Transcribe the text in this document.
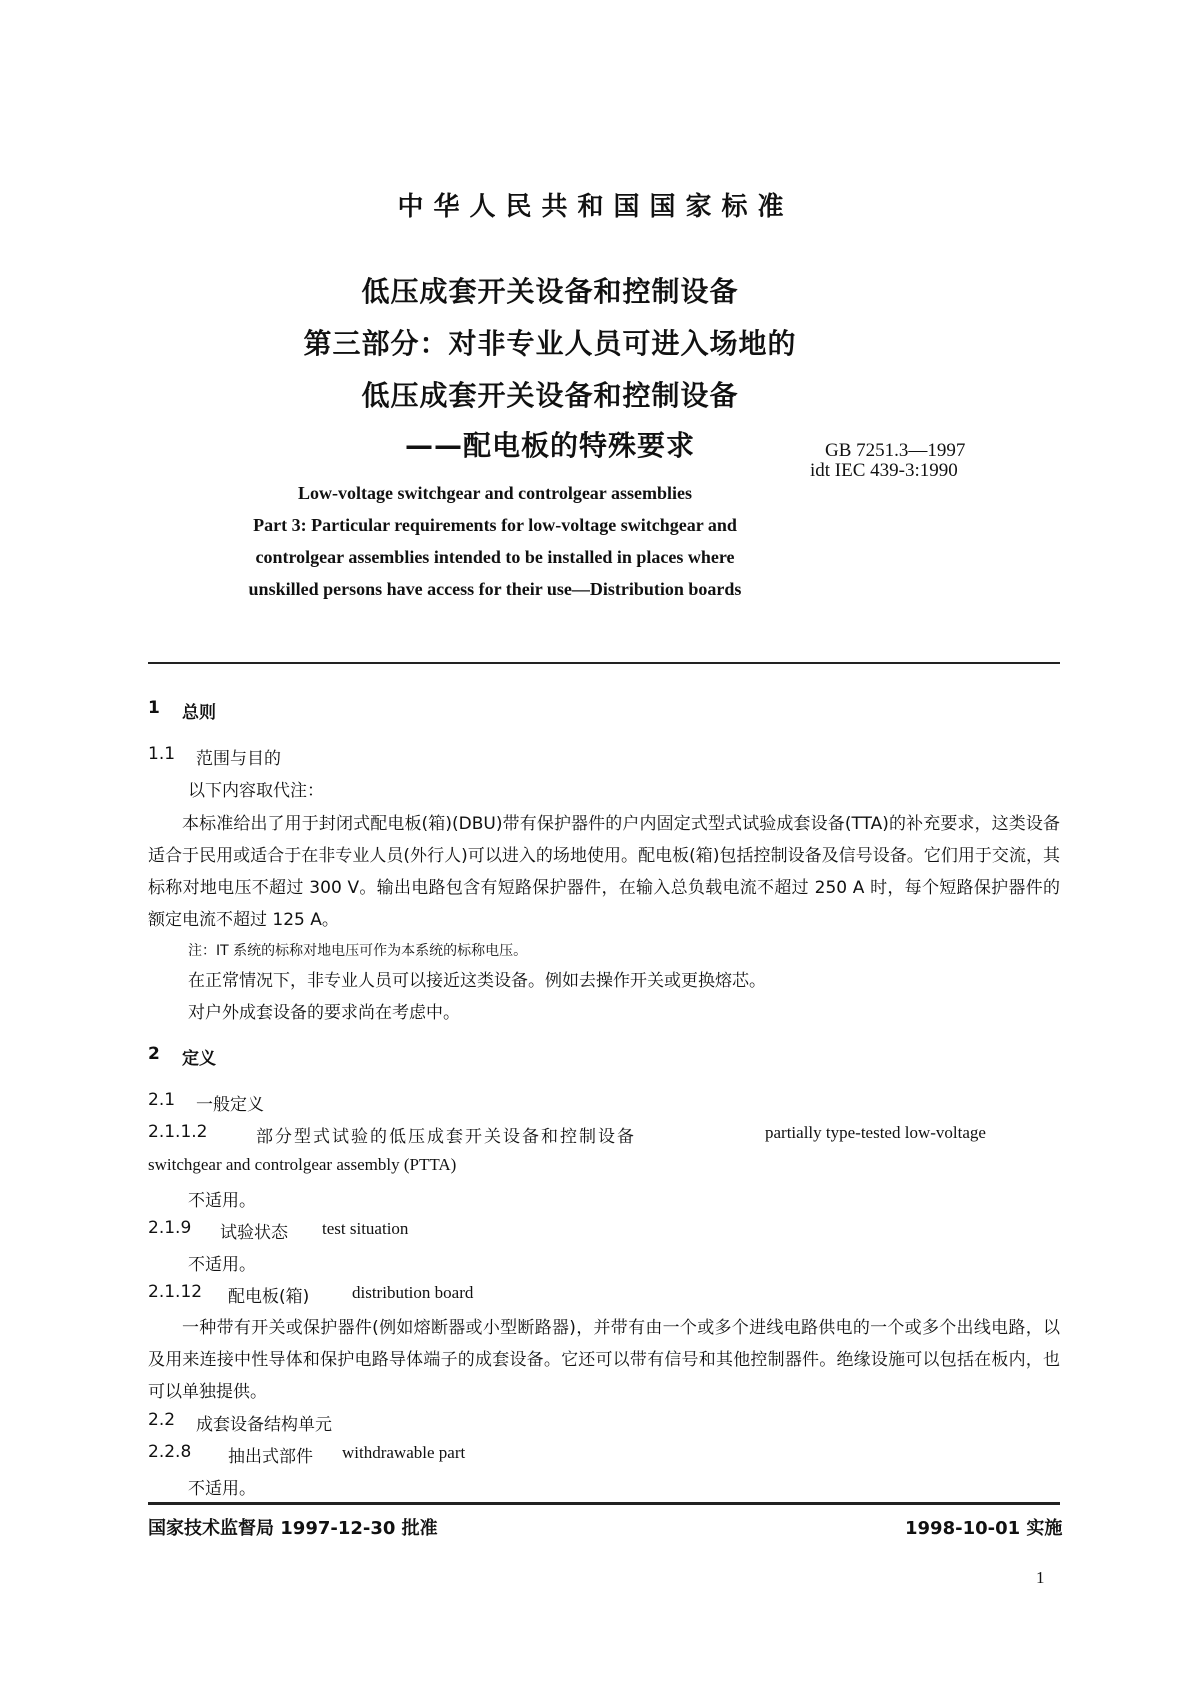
中华人民共和国国家标准
低压成套开关设备和控制设备
第三部分：对非专业人员可进入场地的
低压成套开关设备和控制设备
——配电板的特殊要求	GB 7251.3—1997
idt IEC 439-3:1990
Low-voltage switchgear and controlgear assemblies
Part 3: Particular requirements for low-voltage switchgear and
controlgear assemblies intended to be installed in places where
unskilled persons have access for their use—Distribution boards
1 总则
1.1 范围与目的
以下内容取代注：
本标准给出了用于封闭式配电板(箱)(DBU)带有保护器件的户内固定式型式试验成套设备(TTA)的补充要求，这类设备适合于民用或适合于在非专业人员(外行人)可以进入的场地使用。配电板(箱)包括控制设备及信号设备。它们用于交流，其标称对地电压不超过 300 V。输出电路包含有短路保护器件，在输入总负载电流不超过 250 A 时，每个短路保护器件的额定电流不超过 125 A。
注：IT 系统的标称对地电压可作为本系统的标称电压。
在正常情况下，非专业人员可以接近这类设备。例如去操作开关或更换熔芯。
对户外成套设备的要求尚在考虑中。
2 定义
2.1 一般定义
2.1.1.2	部分型式试验的低压成套开关设备和控制设备	partially type-tested low-voltage
switchgear and controlgear assembly (PTTA)
不适用。
2.1.9 试验状态 test situation
不适用。
2.1.12 配电板(箱)	distribution board
一种带有开关或保护器件(例如熔断器或小型断路器)，并带有由一个或多个进线电路供电的一个或多个出线电路，以及用来连接中性导体和保护电路导体端子的成套设备。它还可以带有信号和其他控制器件。绝缘设施可以包括在板内，也可以单独提供。
2.2 成套设备结构单元
2.2.8 抽出式部件 withdrawable part
不适用。
国家技术监督局 1997-12-30 批准	1998-10-01 实施
1
